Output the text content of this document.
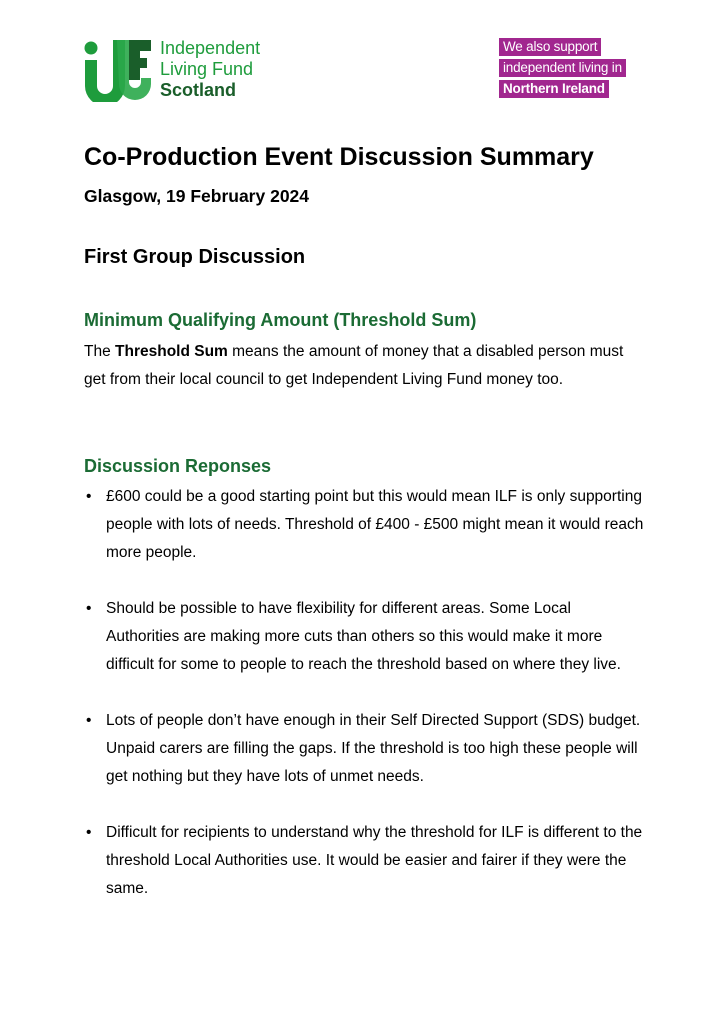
Independent
Living Fund
Scotland
We also support
independent living in
Northern Ireland
Co-Production Event Discussion Summary
Glasgow, 19 February 2024
First Group Discussion
Minimum Qualifying Amount (Threshold Sum)

The Threshold Sum means the amount of money that a disabled person must get from their local council to get Independent Living Fund money too.

Discussion Reponses
• £600 could be a good starting point but this would mean ILF is only supporting people with lots of needs. Threshold of £400 - £500 might mean it would reach more people.
• Should be possible to have flexibility for different areas. Some Local Authorities are making more cuts than others so this would make it more difficult for some to people to reach the threshold based on where they live.
• Lots of people don’t have enough in their Self Directed Support (SDS) budget. Unpaid carers are filling the gaps. If the threshold is too high these people will get nothing but they have lots of unmet needs.
• Difficult for recipients to understand why the threshold for ILF is different to the threshold Local Authorities use. It would be easier and fairer if they were the same.
